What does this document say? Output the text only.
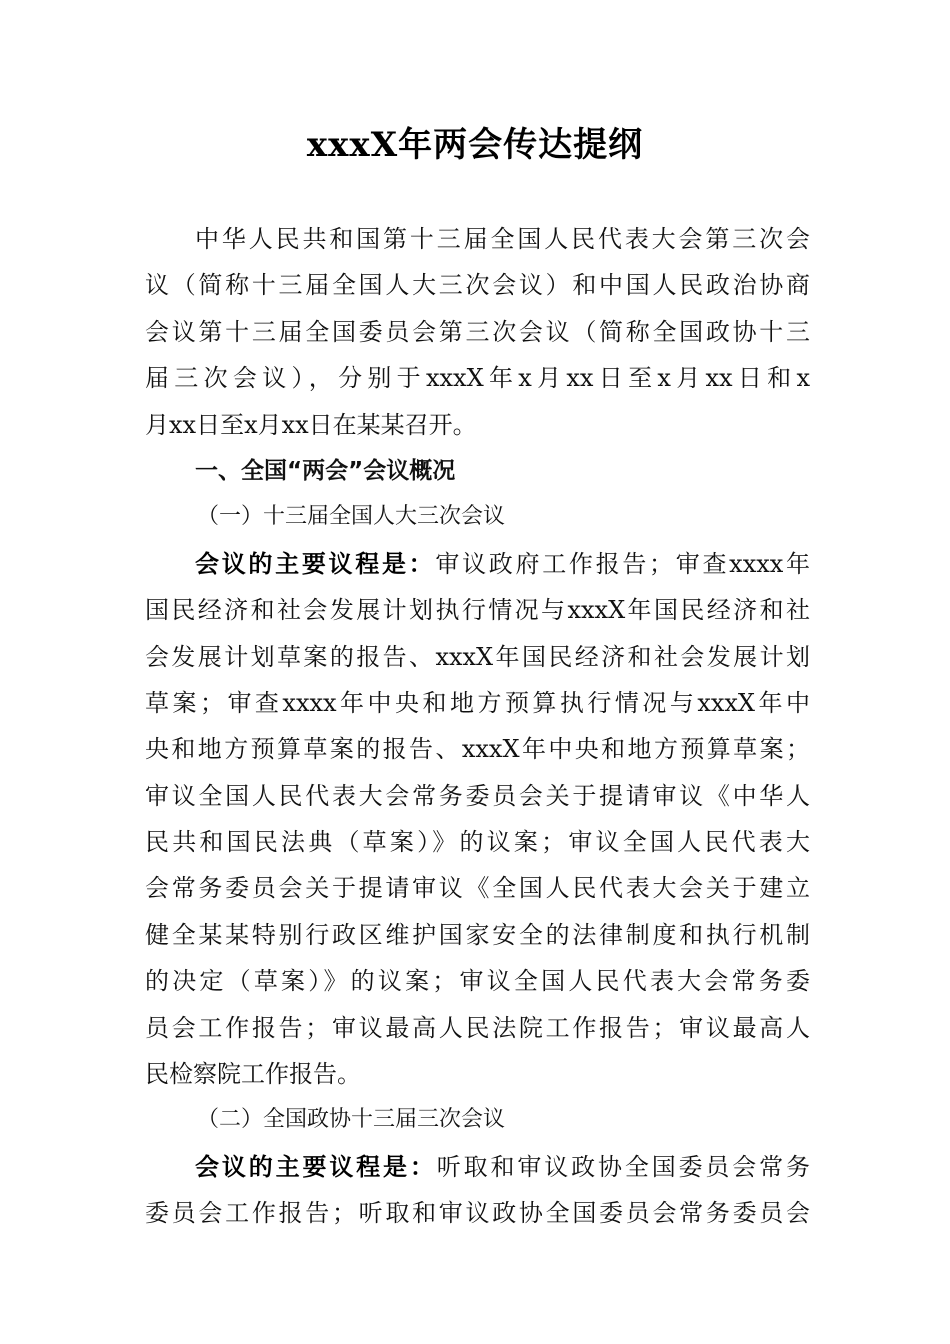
xxxX年两会传达提纲
中华人民共和国第十三届全国人民代表大会第三次会
议（简称十三届全国人大三次会议）和中国人民政治协商
会议第十三届全国委员会第三次会议（简称全国政协十三
届三次会议），分别于xxxX年x月xx日至x月xx日和x
月xx日至x月xx日在某某召开。
一、全国“两会”会议概况
（一）十三届全国人大三次会议
会议的主要议程是：审议政府工作报告；审查xxxx年
国民经济和社会发展计划执行情况与xxxX年国民经济和社
会发展计划草案的报告、xxxX年国民经济和社会发展计划
草案；审查xxxx年中央和地方预算执行情况与xxxX年中
央和地方预算草案的报告、xxxX年中央和地方预算草案；
审议全国人民代表大会常务委员会关于提请审议《中华人
民共和国民法典（草案）》的议案；审议全国人民代表大
会常务委员会关于提请审议《全国人民代表大会关于建立
健全某某特别行政区维护国家安全的法律制度和执行机制
的决定（草案）》的议案；审议全国人民代表大会常务委
员会工作报告；审议最高人民法院工作报告；审议最高人
民检察院工作报告。
（二）全国政协十三届三次会议
会议的主要议程是：听取和审议政协全国委员会常务
委员会工作报告；听取和审议政协全国委员会常务委员会
